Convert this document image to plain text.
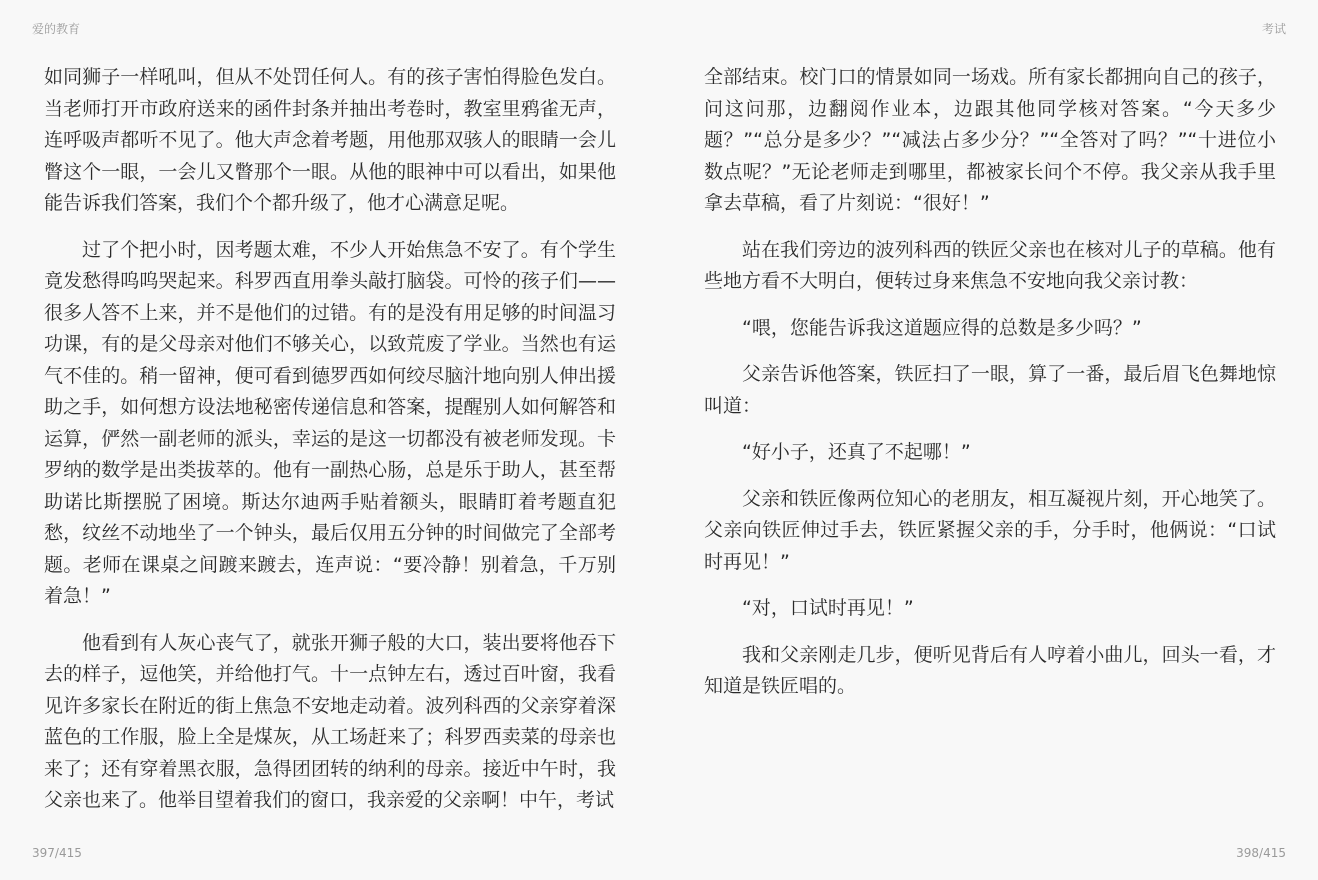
爱的教育	考试

如同狮子一样吼叫，但从不处罚任何人。有的孩子害怕得脸色发白。当老师打开市政府送来的函件封条并抽出考卷时，教室里鸦雀无声，连呼吸声都听不见了。他大声念着考题，用他那双骇人的眼睛一会儿瞥这个一眼，一会儿又瞥那个一眼。从他的眼神中可以看出，如果他能告诉我们答案，我们个个都升级了，他才心满意足呢。

过了个把小时，因考题太难，不少人开始焦急不安了。有个学生竟发愁得呜呜哭起来。科罗西直用拳头敲打脑袋。可怜的孩子们——很多人答不上来，并不是他们的过错。有的是没有用足够的时间温习功课，有的是父母亲对他们不够关心，以致荒废了学业。当然也有运气不佳的。稍一留神，便可看到德罗西如何绞尽脑汁地向别人伸出援助之手，如何想方设法地秘密传递信息和答案，提醒别人如何解答和运算，俨然一副老师的派头，幸运的是这一切都没有被老师发现。卡罗纳的数学是出类拔萃的。他有一副热心肠，总是乐于助人，甚至帮助诺比斯摆脱了困境。斯达尔迪两手贴着额头，眼睛盯着考题直犯愁，纹丝不动地坐了一个钟头，最后仅用五分钟的时间做完了全部考题。老师在课桌之间踱来踱去，连声说：“要冷静！别着急，千万别着急！”

他看到有人灰心丧气了，就张开狮子般的大口，装出要将他吞下去的样子，逗他笑，并给他打气。十一点钟左右，透过百叶窗，我看见许多家长在附近的街上焦急不安地走动着。波列科西的父亲穿着深蓝色的工作服，脸上全是煤灰，从工场赶来了；科罗西卖菜的母亲也来了；还有穿着黑衣服，急得团团转的纳利的母亲。接近中午时，我父亲也来了。他举目望着我们的窗口，我亲爱的父亲啊！中午，考试

全部结束。校门口的情景如同一场戏。所有家长都拥向自己的孩子，问这问那，边翻阅作业本，边跟其他同学核对答案。“今天多少题？”“总分是多少？”“减法占多少分？”“全答对了吗？”“十进位小数点呢？”无论老师走到哪里，都被家长问个不停。我父亲从我手里拿去草稿，看了片刻说：“很好！”

站在我们旁边的波列科西的铁匠父亲也在核对儿子的草稿。他有些地方看不大明白，便转过身来焦急不安地向我父亲讨教：

“喂，您能告诉我这道题应得的总数是多少吗？”

父亲告诉他答案，铁匠扫了一眼，算了一番，最后眉飞色舞地惊叫道：

“好小子，还真了不起哪！”

父亲和铁匠像两位知心的老朋友，相互凝视片刻，开心地笑了。父亲向铁匠伸过手去，铁匠紧握父亲的手，分手时，他俩说：“口试时再见！”

“对，口试时再见！”

我和父亲刚走几步，便听见背后有人哼着小曲儿，回头一看，才知道是铁匠唱的。

397/415	398/415
